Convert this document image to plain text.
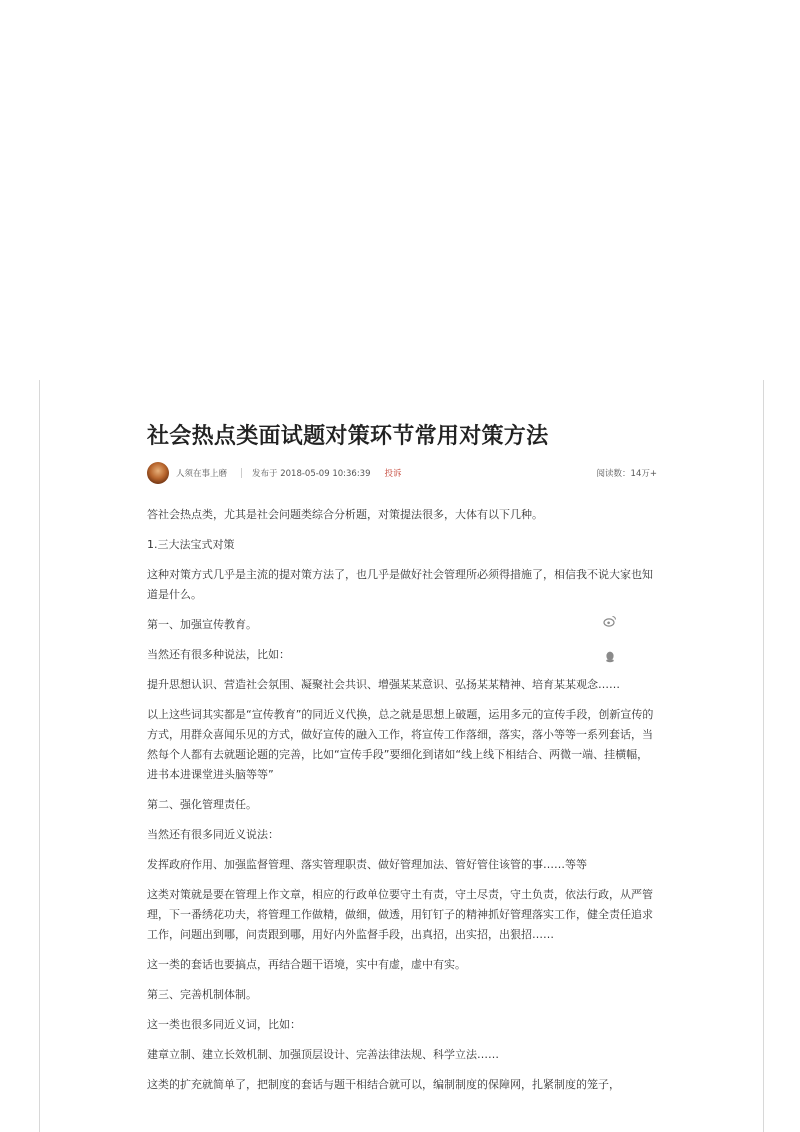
社会热点类面试题对策环节常用对策方法
人须在事上磨	发布于 2018-05-09 10:36:39 投诉	阅读数：14万+

答社会热点类，尤其是社会问题类综合分析题，对策提法很多，大体有以下几种。

1.三大法宝式对策

这种对策方式几乎是主流的提对策方法了，也几乎是做好社会管理所必须得措施了，相信我不说大家也知道是什么。

第一、加强宣传教育。

当然还有很多种说法，比如：

提升思想认识、营造社会氛围、凝聚社会共识、增强某某意识、弘扬某某精神、培育某某观念……

以上这些词其实都是“宣传教育”的同近义代换，总之就是思想上破题，运用多元的宣传手段，创新宣传的方式，用群众喜闻乐见的方式，做好宣传的融入工作，将宣传工作落细，落实，落小等等一系列套话，当然每个人都有去就题论题的完善，比如“宣传手段”要细化到诸如“线上线下相结合、两微一端、挂横幅，进书本进课堂进头脑等等”

第二、强化管理责任。

当然还有很多同近义说法：

发挥政府作用、加强监督管理、落实管理职责、做好管理加法、管好管住该管的事……等等

这类对策就是要在管理上作文章，相应的行政单位要守土有责，守土尽责，守土负责，依法行政，从严管理，下一番绣花功夫，将管理工作做精，做细，做透，用钉钉子的精神抓好管理落实工作，健全责任追求工作，问题出到哪，问责跟到哪，用好内外监督手段，出真招，出实招，出狠招……

这一类的套话也要搞点，再结合题干语境，实中有虚，虚中有实。

第三、完善机制体制。

这一类也很多同近义词，比如：

建章立制、建立长效机制、加强顶层设计、完善法律法规、科学立法……

这类的扩充就简单了，把制度的套话与题干相结合就可以，编制制度的保障网，扎紧制度的笼子，
